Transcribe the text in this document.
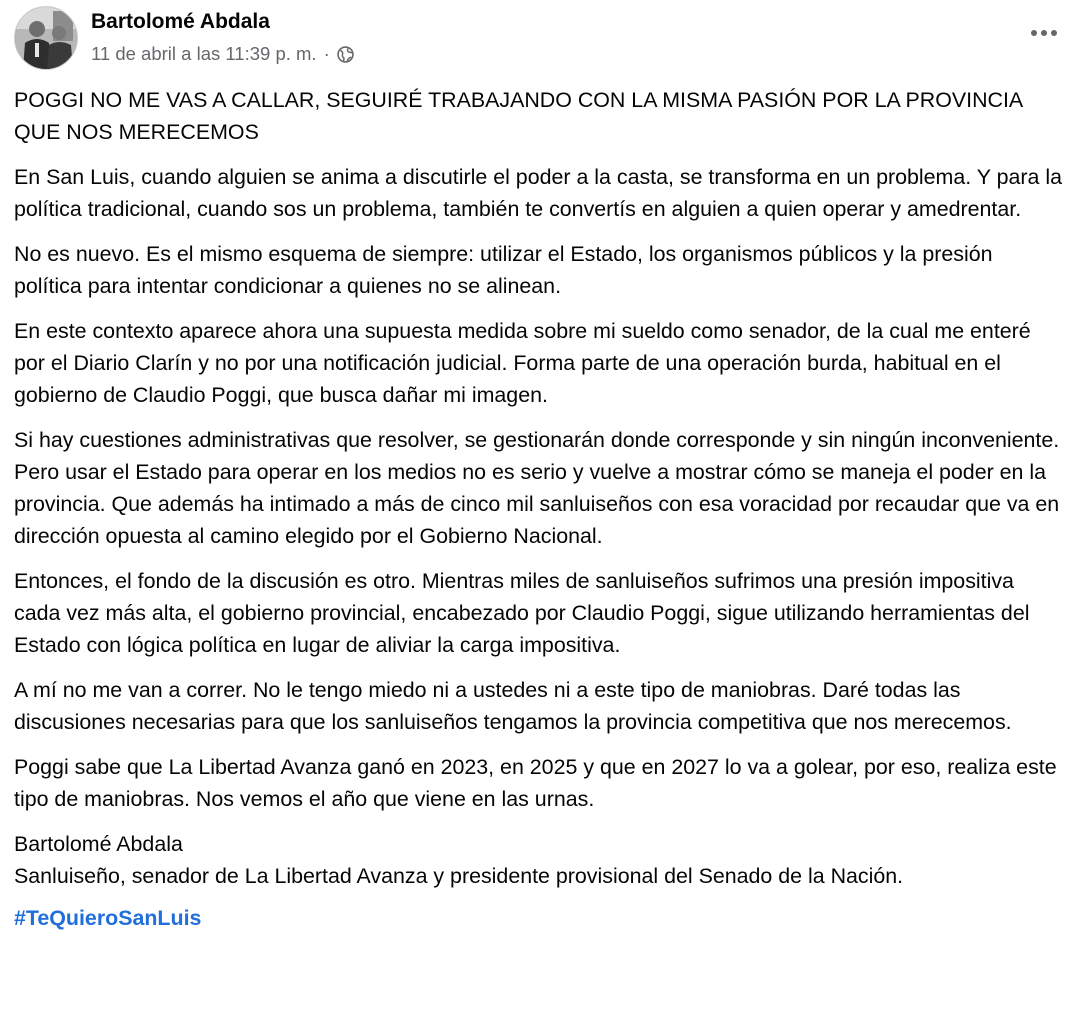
Bartolomé Abdala
11 de abril a las 11:39 p. m. ·

POGGI NO ME VAS A CALLAR, SEGUIRÉ TRABAJANDO CON LA MISMA PASIÓN POR LA PROVINCIA QUE NOS MERECEMOS

En San Luis, cuando alguien se anima a discutirle el poder a la casta, se transforma en un problema. Y para la política tradicional, cuando sos un problema, también te convertís en alguien a quien operar y amedrentar.

No es nuevo. Es el mismo esquema de siempre: utilizar el Estado, los organismos públicos y la presión política para intentar condicionar a quienes no se alinean.

En este contexto aparece ahora una supuesta medida sobre mi sueldo como senador, de la cual me enteré por el Diario Clarín y no por una notificación judicial. Forma parte de una operación burda, habitual en el gobierno de Claudio Poggi, que busca dañar mi imagen.

Si hay cuestiones administrativas que resolver, se gestionarán donde corresponde y sin ningún inconveniente. Pero usar el Estado para operar en los medios no es serio y vuelve a mostrar cómo se maneja el poder en la provincia. Que además ha intimado a más de cinco mil sanluiseños con esa voracidad por recaudar que va en dirección opuesta al camino elegido por el Gobierno Nacional.

Entonces, el fondo de la discusión es otro. Mientras miles de sanluiseños sufrimos una presión impositiva cada vez más alta, el gobierno provincial, encabezado por Claudio Poggi, sigue utilizando herramientas del Estado con lógica política en lugar de aliviar la carga impositiva.

A mí no me van a correr. No le tengo miedo ni a ustedes ni a este tipo de maniobras. Daré todas las discusiones necesarias para que los sanluiseños tengamos la provincia competitiva que nos merecemos.

Poggi sabe que La Libertad Avanza ganó en 2023, en 2025 y que en 2027 lo va a golear, por eso, realiza este tipo de maniobras. Nos vemos el año que viene en las urnas.

Bartolomé Abdala
Sanluiseño, senador de La Libertad Avanza y presidente provisional del Senado de la Nación.

#TeQuieroSanLuis
